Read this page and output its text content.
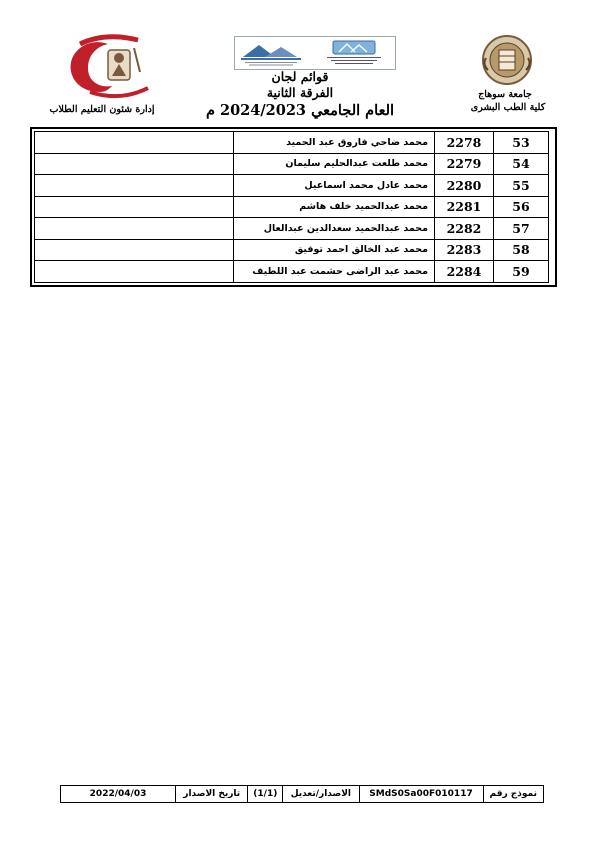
جامعة سوهاج
كلية الطب البشرى
قوائم لجان
الفرقة الثانية
العام الجامعي 2024/2023 م
إدارة شئون التعليم الطلاب
53	2278	محمد ضاحي فاروق عبد الحميد	
54	2279	محمد طلعت عبدالحليم سليمان	
55	2280	محمد عادل محمد اسماعيل	
56	2281	محمد عبدالحميد خلف هاشم	
57	2282	محمد عبدالحميد سعدالدين عبدالعال	
58	2283	محمد عبد الخالق احمد توفيق	
59	2284	محمد عبد الراضى حشمت عبد اللطيف	
نموذج رقم
SMdS0Sa00F010117
الاصدار/تعديل
(1/1)
تاريخ الاصدار
2022/04/03
